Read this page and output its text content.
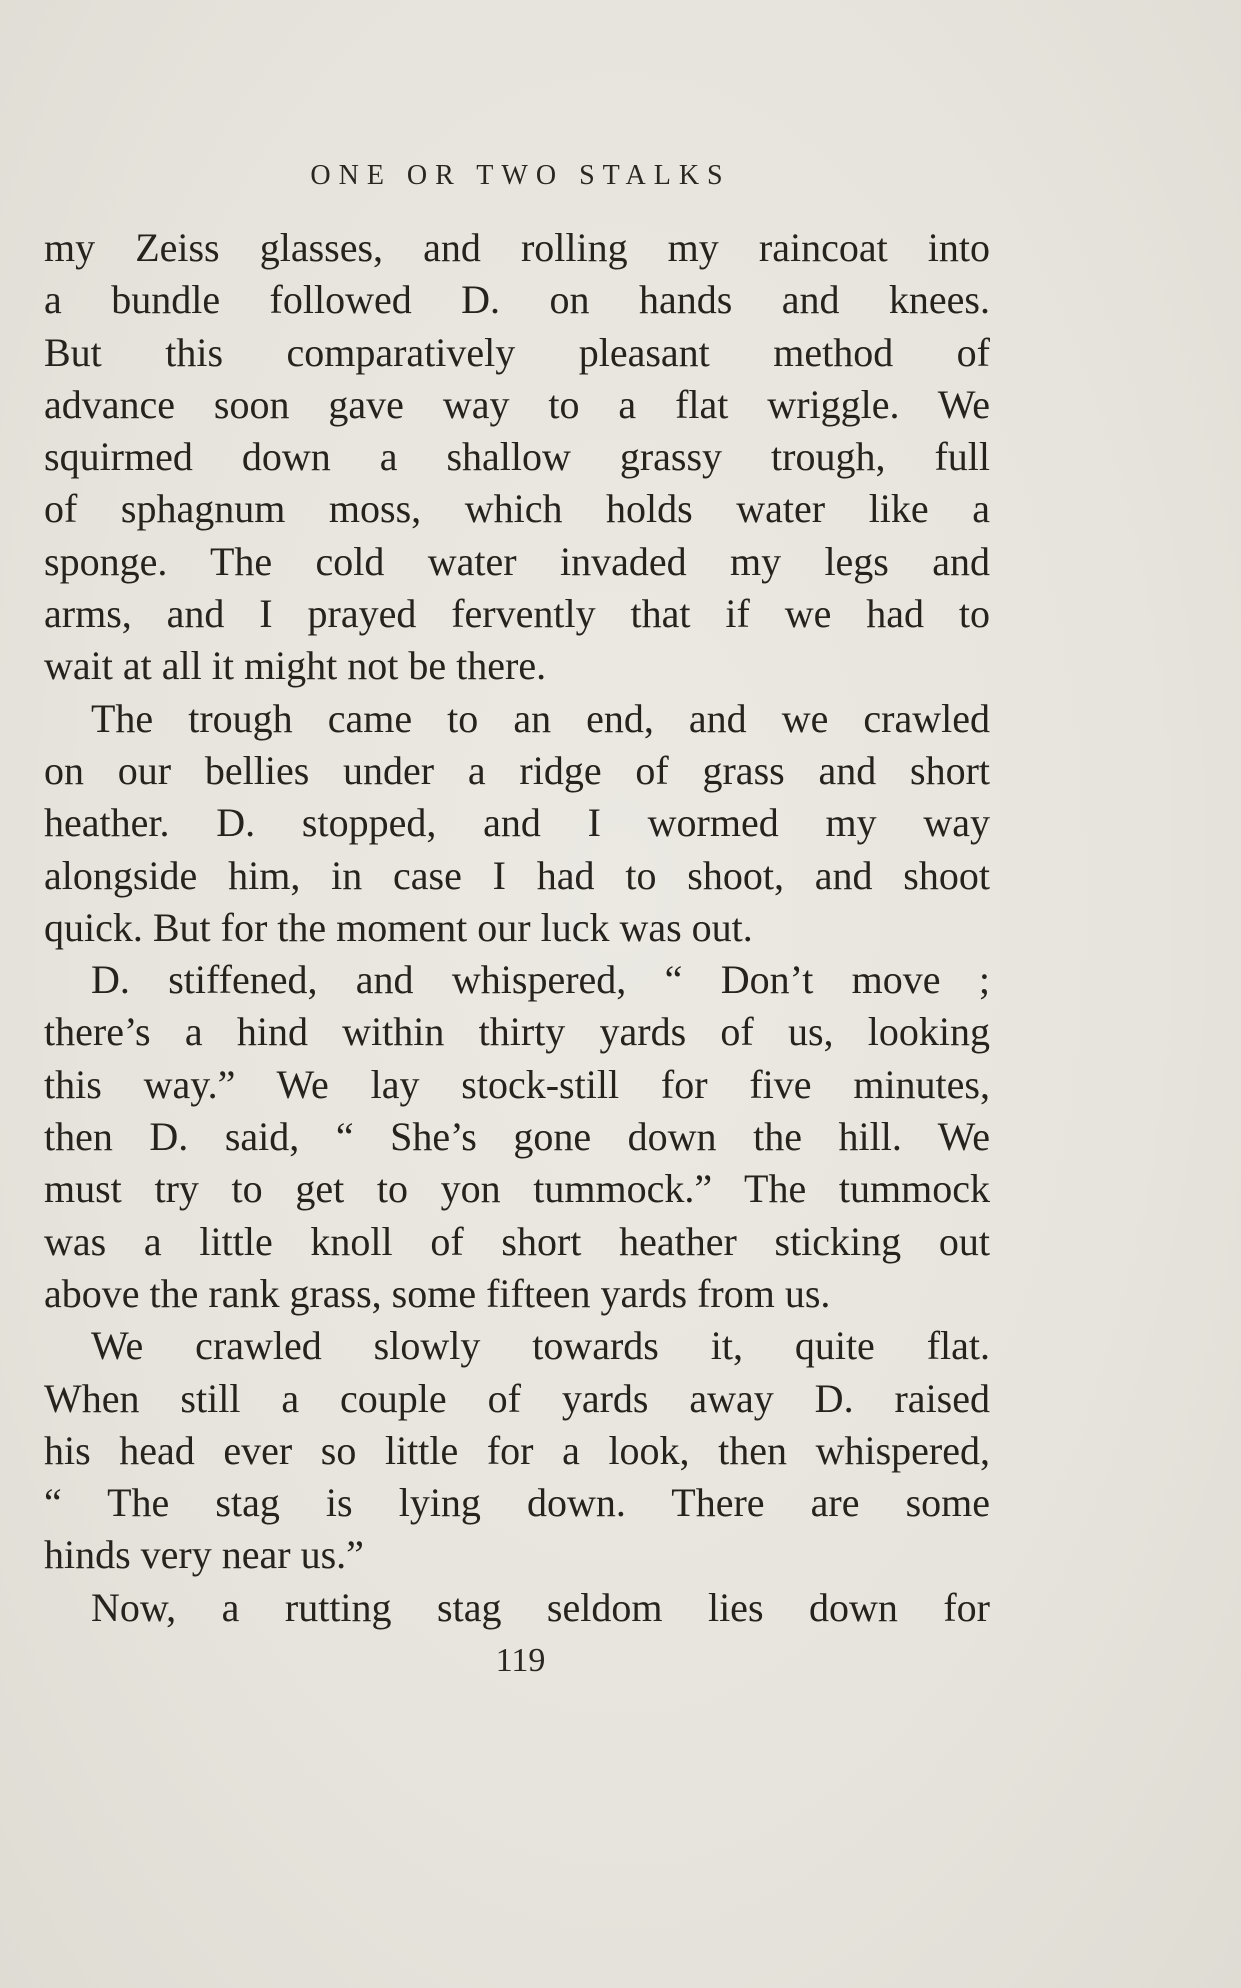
ONE OR TWO STALKS
my Zeiss glasses, and rolling my raincoat into
a bundle followed D. on hands and knees.
But this comparatively pleasant method of
advance soon gave way to a flat wriggle. We
squirmed down a shallow grassy trough, full
of sphagnum moss, which holds water like a
sponge. The cold water invaded my legs and
arms, and I prayed fervently that if we had to
wait at all it might not be there.
The trough came to an end, and we crawled
on our bellies under a ridge of grass and short
heather. D. stopped, and I wormed my way
alongside him, in case I had to shoot, and shoot
quick. But for the moment our luck was out.
D. stiffened, and whispered, “ Don’t move ;
there’s a hind within thirty yards of us, looking
this way.” We lay stock-still for five minutes,
then D. said, “ She’s gone down the hill. We
must try to get to yon tummock.” The tummock
was a little knoll of short heather sticking out
above the rank grass, some fifteen yards from us.
We crawled slowly towards it, quite flat.
When still a couple of yards away D. raised
his head ever so little for a look, then whispered,
“ The stag is lying down. There are some
hinds very near us.”
Now, a rutting stag seldom lies down for
119
